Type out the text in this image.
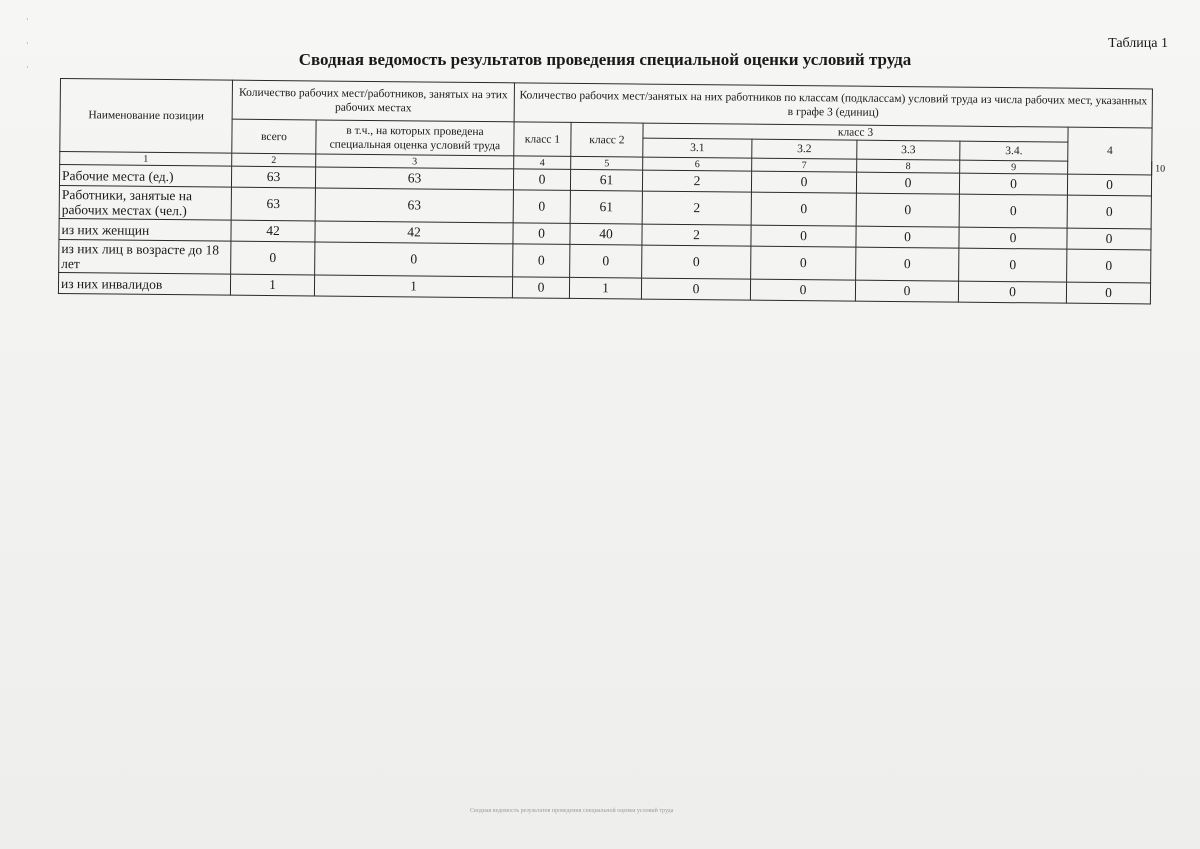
·
·
·
Таблица 1
Сводная ведомость результатов проведения специальной оценки условий труда
Наименование позиции	Количество рабочих мест/работников, занятых на этих рабочих местах		Количество рабочих мест/занятых на них работников по классам (подклассам) условий труда из числа рабочих мест, указанных в графе 3 (единиц)							
	всего	в т.ч., на которых проведена специальная оценка условий труда	класс 1	класс 2	класс 3				4	
					3.1	3.2	3.3	3.4.		
1	2	3	4	5	6	7	8	9		10
Рабочие места (ед.)	63	63	0	61	2	0	0	0	0	
Работники, занятые на рабочих местах (чел.)	63	63	0	61	2	0	0	0	0	
из них женщин	42	42	0	40	2	0	0	0	0	
из них лиц в возрасте до 18 лет	0	0	0	0	0	0	0	0	0	
из них инвалидов	1	1	0	1	0	0	0	0	0	
Сводная ведомость результатов проведения специальной оценки условий труда
